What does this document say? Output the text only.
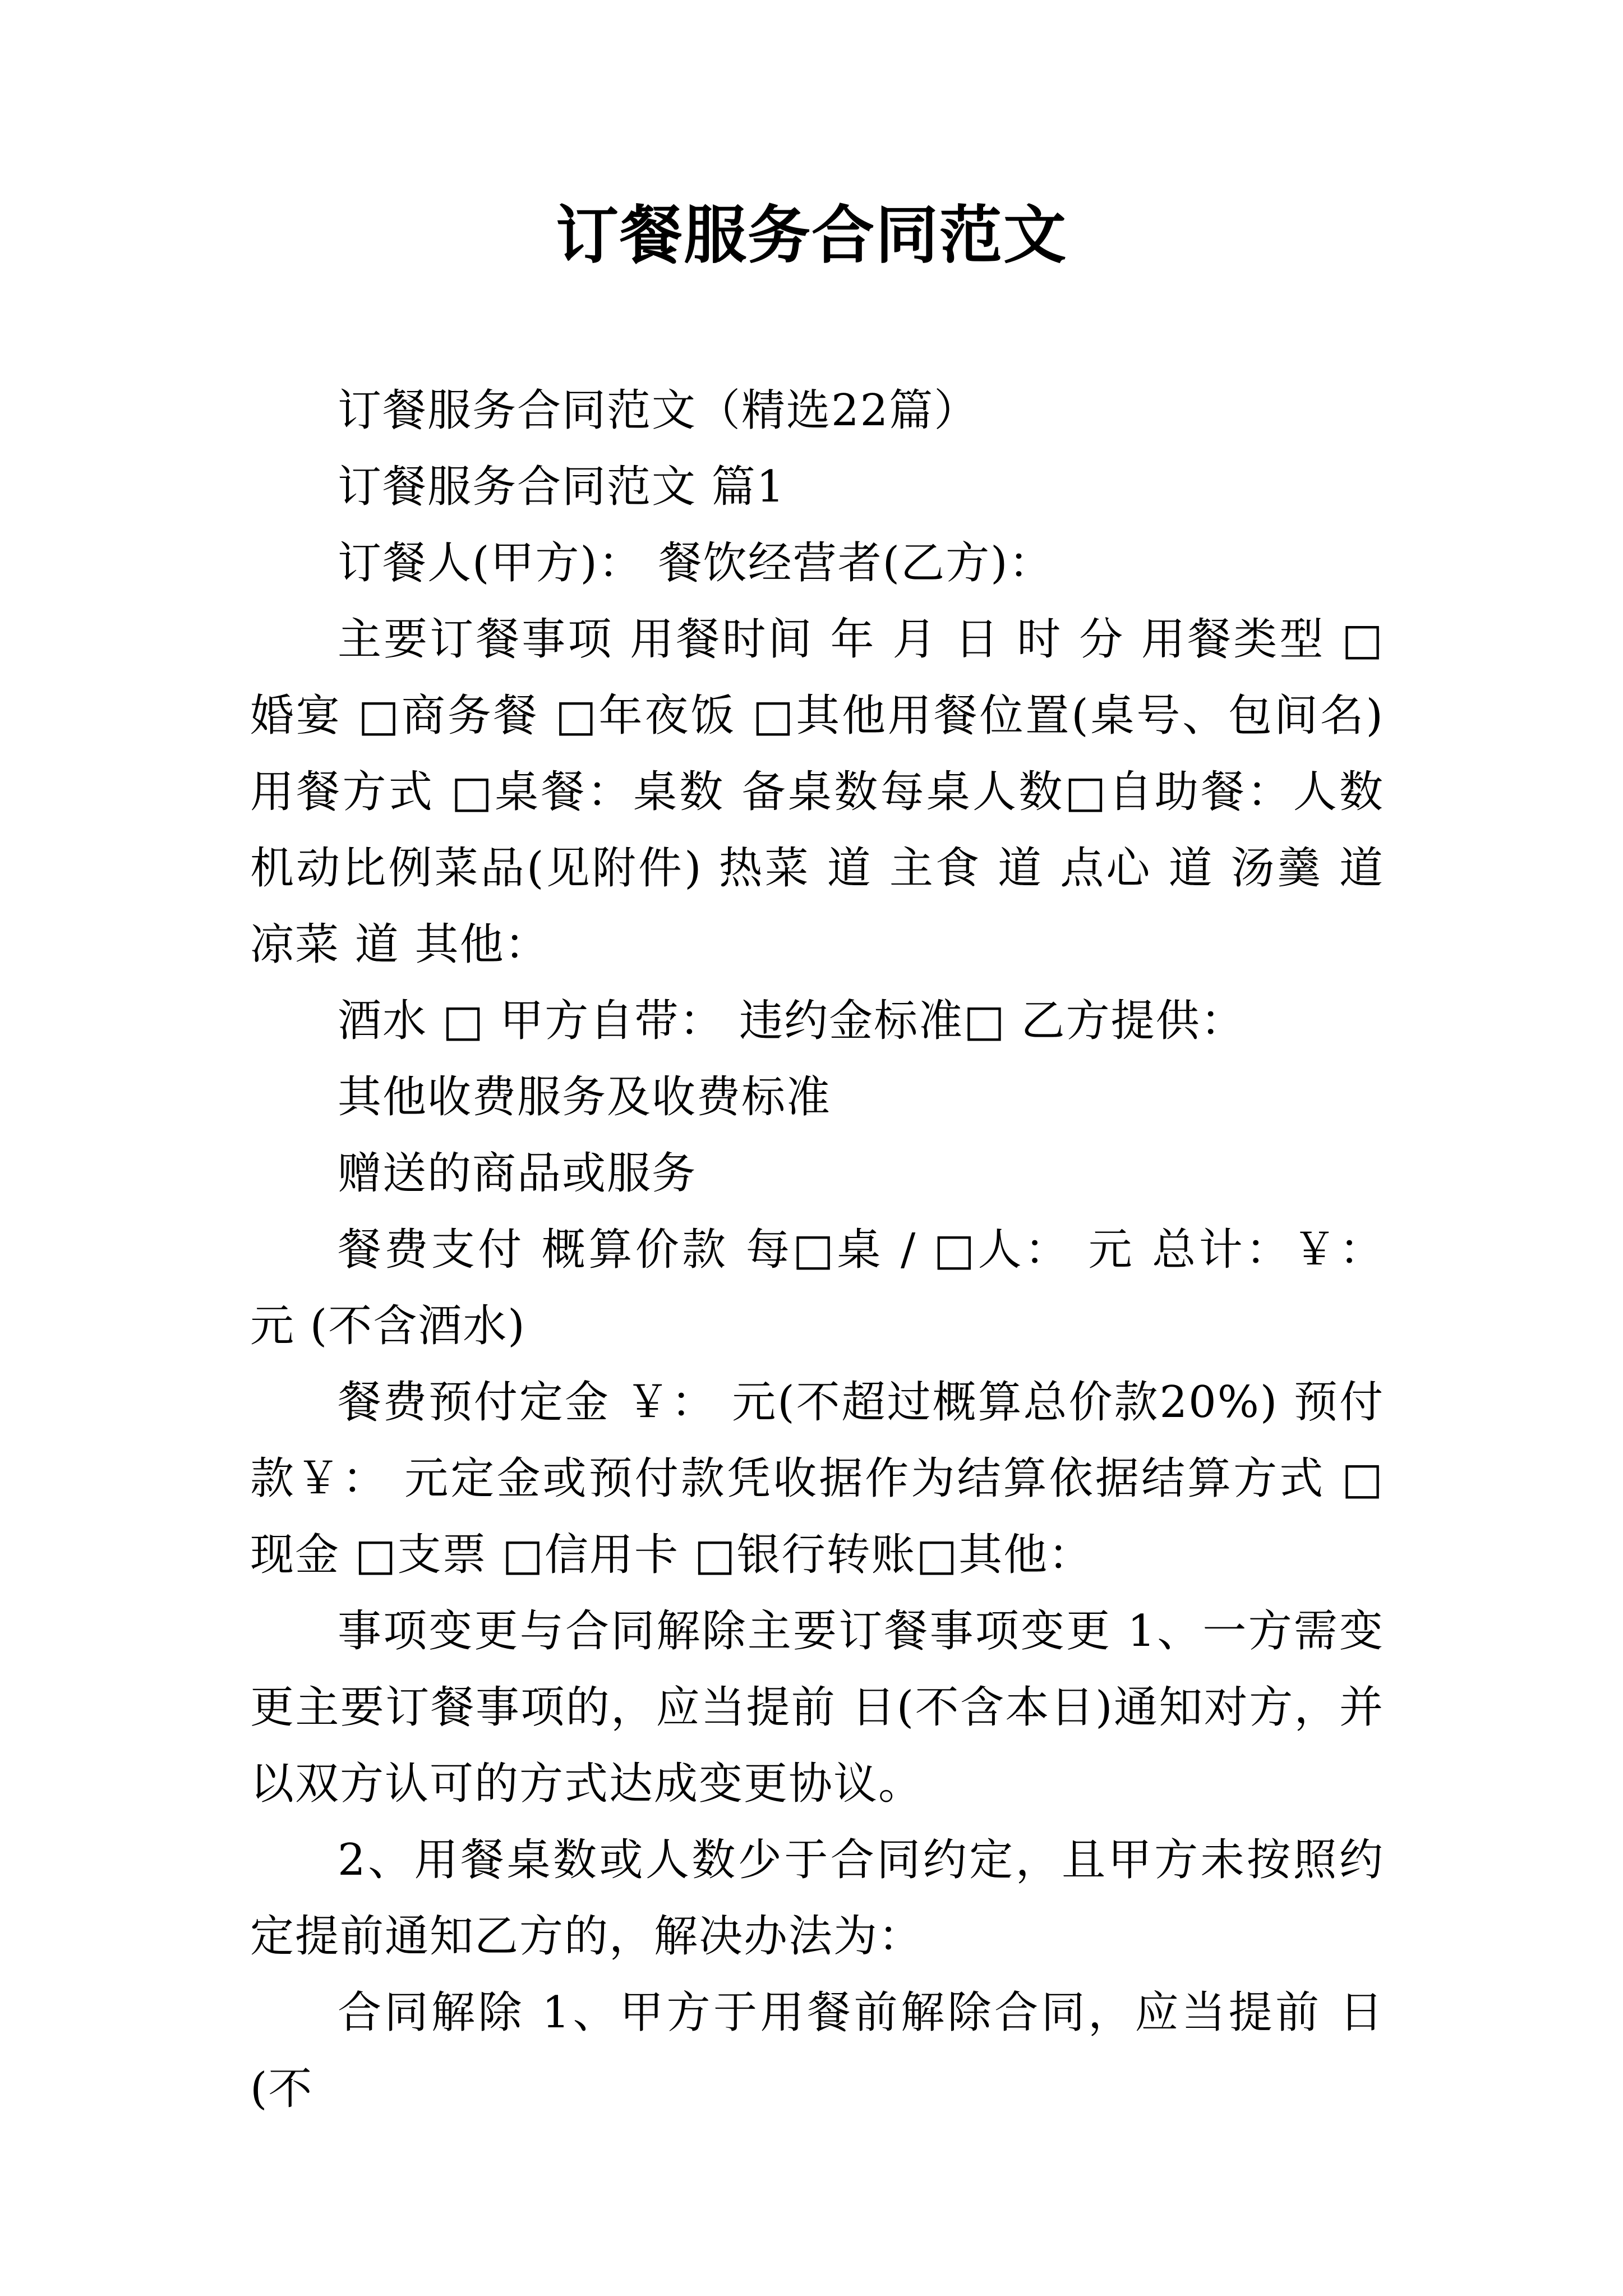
订餐服务合同范文

订餐服务合同范文（精选22篇）

订餐服务合同范文 篇1

订餐人(甲方)： 餐饮经营者(乙方)：

主要订餐事项 用餐时间 年 月 日 时 分 用餐类型 □婚宴 □商务餐 □年夜饭 □其他用餐位置(桌号、包间名) 用餐方式 □桌餐：桌数 备桌数每桌人数□自助餐：人数机动比例菜品(见附件) 热菜 道 主食 道 点心 道 汤羹 道 凉菜 道 其他：

酒水 □ 甲方自带： 违约金标准□ 乙方提供：

其他收费服务及收费标准

赠送的商品或服务

餐费支付 概算价款 每□桌 / □人： 元 总计：￥： 元 (不含酒水)

餐费预付定金 ￥： 元(不超过概算总价款20%) 预付款￥： 元定金或预付款凭收据作为结算依据结算方式 □现金 □支票 □信用卡 □银行转账□其他：

事项变更与合同解除主要订餐事项变更 1、一方需变更主要订餐事项的，应当提前 日(不含本日)通知对方，并以双方认可的方式达成变更协议。

2、用餐桌数或人数少于合同约定，且甲方未按照约定提前通知乙方的，解决办法为：

合同解除 1、甲方于用餐前解除合同，应当提前 日(不
